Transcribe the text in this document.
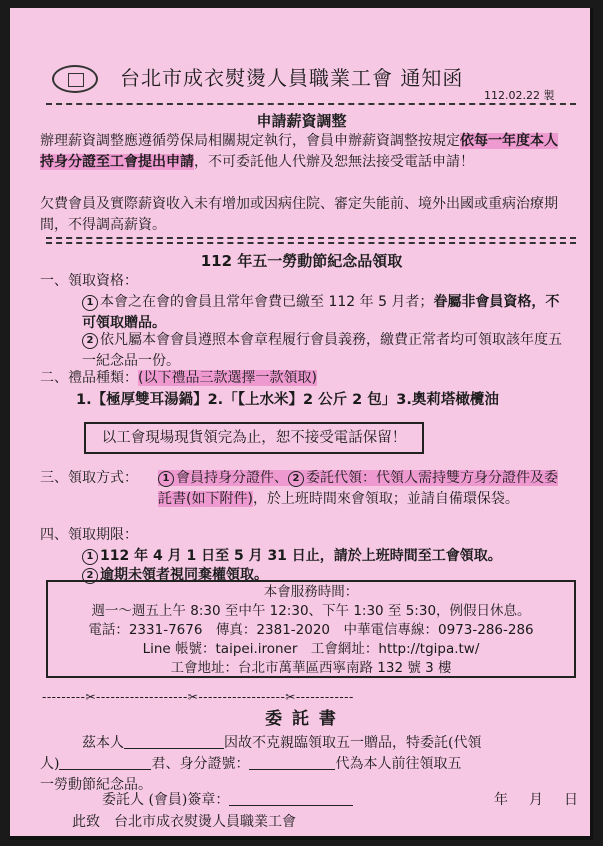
台北市成衣熨燙人員職業工會 通知函
112.02.22 製
申請薪資調整
辦理薪資調整應遵循勞保局相關規定執行，會員申辦薪資調整按規定依每一年度本人持身分證至工會提出申請，不可委託他人代辦及恕無法接受電話申請！
欠費會員及實際薪資收入未有增加或因病住院、審定失能前、境外出國或重病治療期間，不得調高薪資。
112 年五一勞動節紀念品領取
一、領取資格：
1 本會之在會的會員且常年會費已繳至 112 年 5 月者；眷屬非會員資格，不可領取贈品。
2 依凡屬本會會員遵照本會章程履行會員義務，繳費正常者均可領取該年度五一紀念品一份。
二、禮品種類：(以下禮品三款選擇一款領取)
1.【極厚雙耳湯鍋】2.「【上水米】2 公斤 2 包」3.奧莉塔橄欖油
以工會現場現貨領完為止，恕不接受電話保留！
三、領取方式：	1 會員持身分證件、 2 委託代領：代領人需持雙方身分證件及委託書(如下附件)，於上班時間來會領取；並請自備環保袋。
四、領取期限：
1 112 年 4 月 1 日至 5 月 31 日止，請於上班時間至工會領取。
2 逾期未領者視同棄權領取。
本會服務時間：
週一～週五上午 8:30 至中午 12:30、下午 1:30 至 5:30，例假日休息。
電話：2331-7676　傳真：2381-2020　中華電信專線：0973-286-286
Line 帳號：taipei.ironer　工會網址：http://tgipa.tw/
工會地址：台北市萬華區西寧南路 132 號 3 樓
---------✂-------------------✂------------------✂------------
委 託 書
茲本人	因故不克親臨領取五一贈品，特委託(代領
人)	君、身分證號：	代為本人前往領取五
一勞動節紀念品。
委託人 (會員)簽章：	年 月 日
此致　台北市成衣熨燙人員職業工會
